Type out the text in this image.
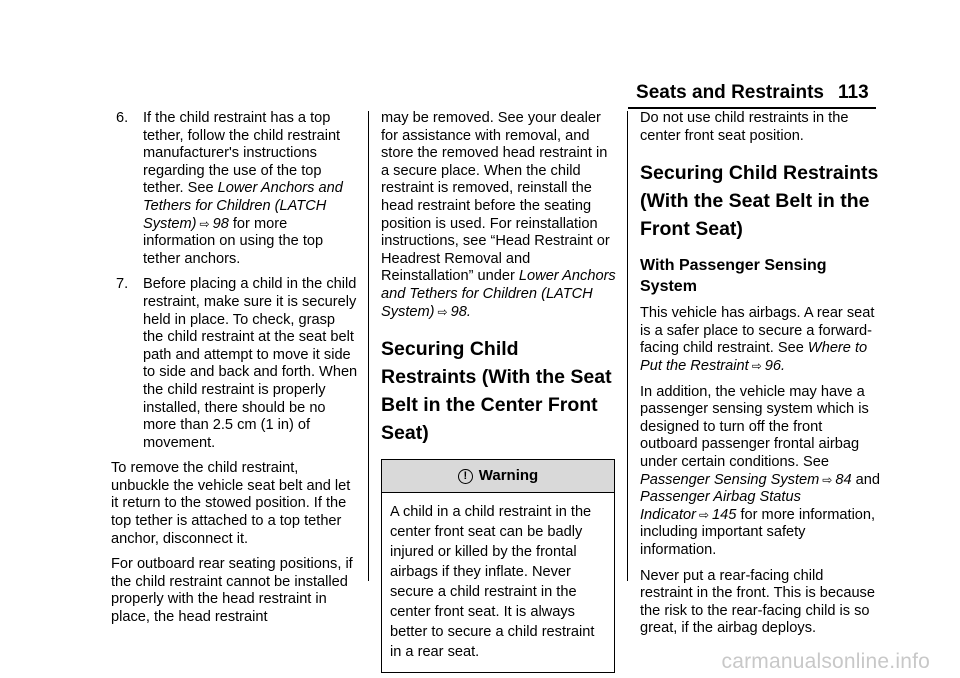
Seats and Restraints 113
6.	If the child restraint has a top tether, follow the child restraint manufacturer's instructions regarding the use of the top tether. See Lower Anchors and Tethers for Children (LATCH System) ⇨ 98 for more information on using the top tether anchors.
7.	Before placing a child in the child restraint, make sure it is securely held in place. To check, grasp the child restraint at the seat belt path and attempt to move it side to side and back and forth. When the child restraint is properly installed, there should be no more than 2.5 cm (1 in) of movement.

To remove the child restraint, unbuckle the vehicle seat belt and let it return to the stowed position. If the top tether is attached to a top tether anchor, disconnect it.

For outboard rear seating positions, if the child restraint cannot be installed properly with the head restraint in place, the head restraint

may be removed. See your dealer for assistance with removal, and store the removed head restraint in a secure place. When the child restraint is removed, reinstall the head restraint before the seating position is used. For reinstallation instructions, see “Head Restraint or Headrest Removal and Reinstallation” under Lower Anchors and Tethers for Children (LATCH System) ⇨ 98.

Securing Child Restraints (With the Seat Belt in the Center Front Seat)
! Warning
A child in a child restraint in the center front seat can be badly injured or killed by the frontal airbags if they inflate. Never secure a child restraint in the center front seat. It is always better to secure a child restraint in a rear seat.

Do not use child restraints in the center front seat position.

Securing Child Restraints (With the Seat Belt in the Front Seat)
With Passenger Sensing System

This vehicle has airbags. A rear seat is a safer place to secure a forward-facing child restraint. See Where to Put the Restraint ⇨ 96.

In addition, the vehicle may have a passenger sensing system which is designed to turn off the front outboard passenger frontal airbag under certain conditions. See Passenger Sensing System ⇨ 84 and Passenger Airbag Status Indicator ⇨ 145 for more information, including important safety information.

Never put a rear-facing child restraint in the front. This is because the risk to the rear-facing child is so great, if the airbag deploys.

carmanualsonline.info
